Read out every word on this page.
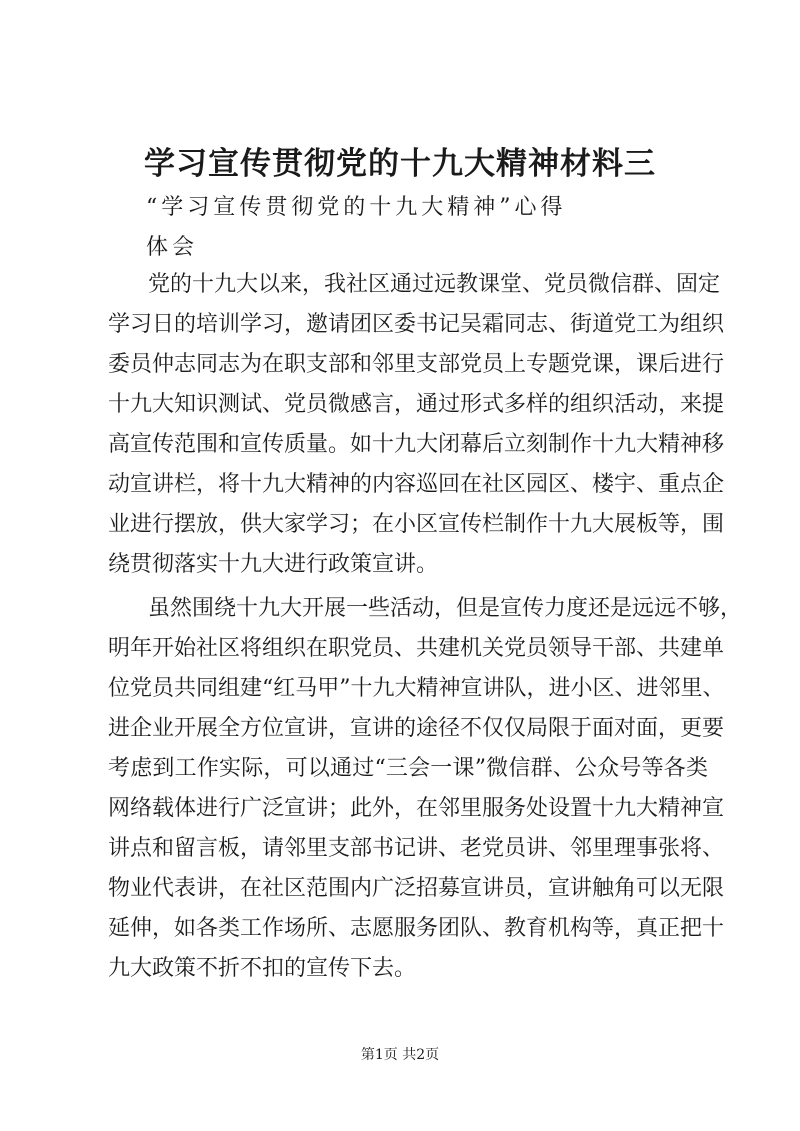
学习宣传贯彻党的十九大精神材料三
“学习宣传贯彻党的十九大精神”心得
体会
党的十九大以来，我社区通过远教课堂、党员微信群、固定
学习日的培训学习，邀请团区委书记吴霜同志、街道党工为组织
委员仲志同志为在职支部和邻里支部党员上专题党课，课后进行
十九大知识测试、党员微感言，通过形式多样的组织活动，来提
高宣传范围和宣传质量。如十九大闭幕后立刻制作十九大精神移
动宣讲栏，将十九大精神的内容巡回在社区园区、楼宇、重点企
业进行摆放，供大家学习；在小区宣传栏制作十九大展板等，围
绕贯彻落实十九大进行政策宣讲。
虽然围绕十九大开展一些活动，但是宣传力度还是远远不够，
明年开始社区将组织在职党员、共建机关党员领导干部、共建单
位党员共同组建“红马甲”十九大精神宣讲队，进小区、进邻里、
进企业开展全方位宣讲，宣讲的途径不仅仅局限于面对面，更要
考虑到工作实际，可以通过“三会一课”微信群、公众号等各类
网络载体进行广泛宣讲；此外，在邻里服务处设置十九大精神宣
讲点和留言板，请邻里支部书记讲、老党员讲、邻里理事张将、
物业代表讲，在社区范围内广泛招募宣讲员，宣讲触角可以无限
延伸，如各类工作场所、志愿服务团队、教育机构等，真正把十
九大政策不折不扣的宣传下去。
第1页 共2页
